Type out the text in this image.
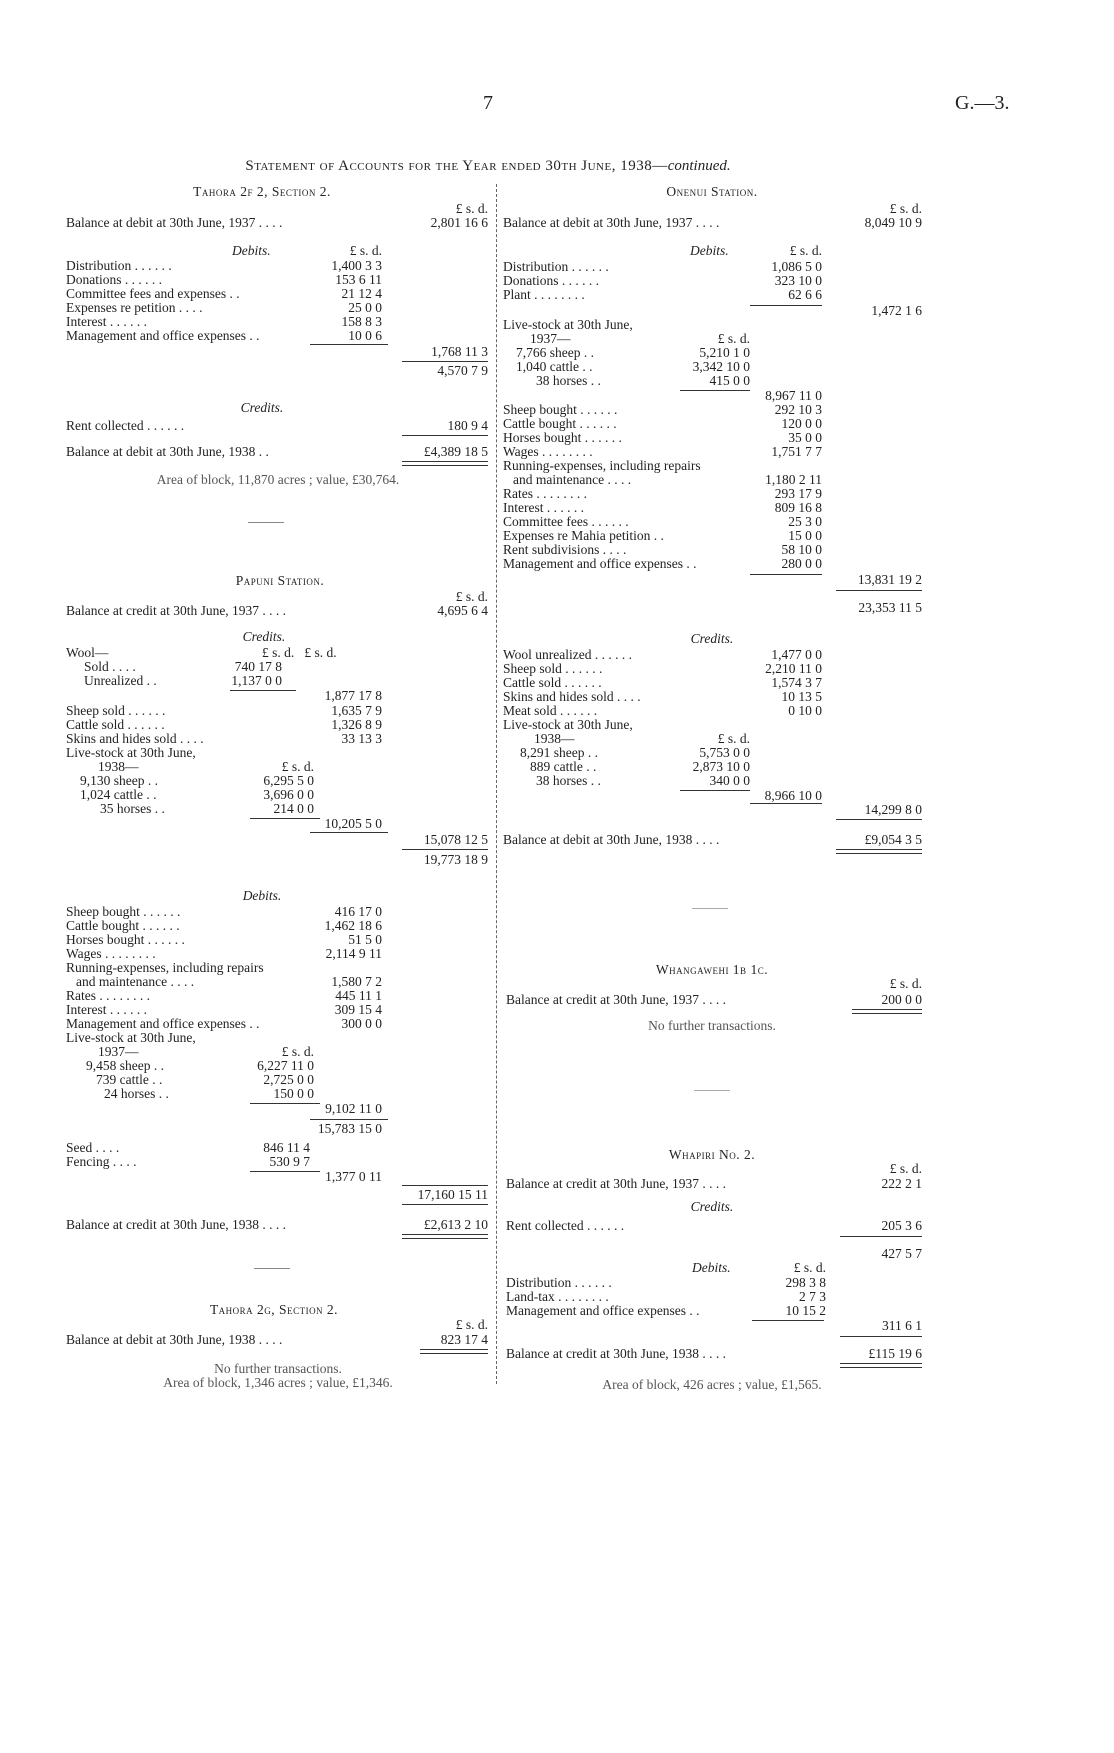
7	G.—3.
Statement of Accounts for the Year ended 30th June, 1938—continued.
Tahora 2f 2, Section 2.
£ s. d.
Balance at debit at 30th June, 1937 . . . .	2,801 16 6
Debits.	£ s. d.
Distribution . . . . . .	1,400 3 3
Donations . . . . . .	153 6 11
Committee fees and expenses . .	21 12 4
Expenses re petition . . . .	25 0 0
Interest . . . . . .	158 8 3
Management and office expenses . .	10 0 6
1,768 11 3
4,570 7 9
Credits.
Rent collected . . . . . .	180 9 4
Balance at debit at 30th June, 1938 . .	£4,389 18 5
Area of block, 11,870 acres ; value, £30,764.
Papuni Station.
£ s. d.
Balance at credit at 30th June, 1937 . . . .	4,695 6 4
Credits.
Wool—	£ s. d.   £ s. d.
Sold . . . .	740 17 8
Unrealized . .	1,137 0 0
1,877 17 8
Sheep sold . . . . . .	1,635 7 9
Cattle sold . . . . . .	1,326 8 9
Skins and hides sold . . . .	33 13 3
Live-stock at 30th June,
1938—	£ s. d.
9,130 sheep . .	6,295 5 0
1,024 cattle . .	3,696 0 0
35 horses . .	214 0 0
10,205 5 0
15,078 12 5
19,773 18 9
Debits.
Sheep bought . . . . . .	416 17 0
Cattle bought . . . . . .	1,462 18 6
Horses bought . . . . . .	51 5 0
Wages . . . . . . . .	2,114 9 11
Running-expenses, including repairs
and maintenance . . . .	1,580 7 2
Rates . . . . . . . .	445 11 1
Interest . . . . . .	309 15 4
Management and office expenses . .	300 0 0
Live-stock at 30th June,
1937—	£ s. d.
9,458 sheep . .	6,227 11 0
739 cattle . .	2,725 0 0
24 horses . .	150 0 0
9,102 11 0
15,783 15 0
Seed . . . .	846 11 4
Fencing . . . .	530 9 7
1,377 0 11
17,160 15 11
Balance at credit at 30th June, 1938 . . . .	£2,613 2 10
Tahora 2g, Section 2.
£ s. d.
Balance at debit at 30th June, 1938 . . . .	823 17 4
No further transactions.
Area of block, 1,346 acres ; value, £1,346.
Onenui Station.
£ s. d.
Balance at debit at 30th June, 1937 . . . .	8,049 10 9
Debits.	£ s. d.
Distribution . . . . . .	1,086 5 0
Donations . . . . . .	323 10 0
Plant . . . . . . . .	62 6 6
1,472 1 6
Live-stock at 30th June,
1937—	£ s. d.
7,766 sheep . .	5,210 1 0
1,040 cattle . .	3,342 10 0
38 horses . .	415 0 0
8,967 11 0
Sheep bought . . . . . .	292 10 3
Cattle bought . . . . . .	120 0 0
Horses bought . . . . . .	35 0 0
Wages . . . . . . . .	1,751 7 7
Running-expenses, including repairs
and maintenance . . . .	1,180 2 11
Rates . . . . . . . .	293 17 9
Interest . . . . . .	809 16 8
Committee fees . . . . . .	25 3 0
Expenses re Mahia petition . .	15 0 0
Rent subdivisions . . . .	58 10 0
Management and office expenses . .	280 0 0
13,831 19 2
23,353 11 5
Credits.
Wool unrealized . . . . . .	1,477 0 0
Sheep sold . . . . . .	2,210 11 0
Cattle sold . . . . . .	1,574 3 7
Skins and hides sold . . . .	10 13 5
Meat sold . . . . . .	0 10 0
Live-stock at 30th June,
1938—	£ s. d.
8,291 sheep . .	5,753 0 0
889 cattle . .	2,873 10 0
38 horses . .	340 0 0
8,966 10 0
14,299 8 0
Balance at debit at 30th June, 1938 . . . .	£9,054 3 5
Whangawehi 1b 1c.
£ s. d.
Balance at credit at 30th June, 1937 . . . .	200 0 0
No further transactions.
Whapiri No. 2.
£ s. d.
Balance at credit at 30th June, 1937 . . . .	222 2 1
Credits.
Rent collected . . . . . .	205 3 6
427 5 7
Debits.	£ s. d.
Distribution . . . . . .	298 3 8
Land-tax . . . . . . . .	2 7 3
Management and office expenses . .	10 15 2
311 6 1
Balance at credit at 30th June, 1938 . . . .	£115 19 6
Area of block, 426 acres ; value, £1,565.
